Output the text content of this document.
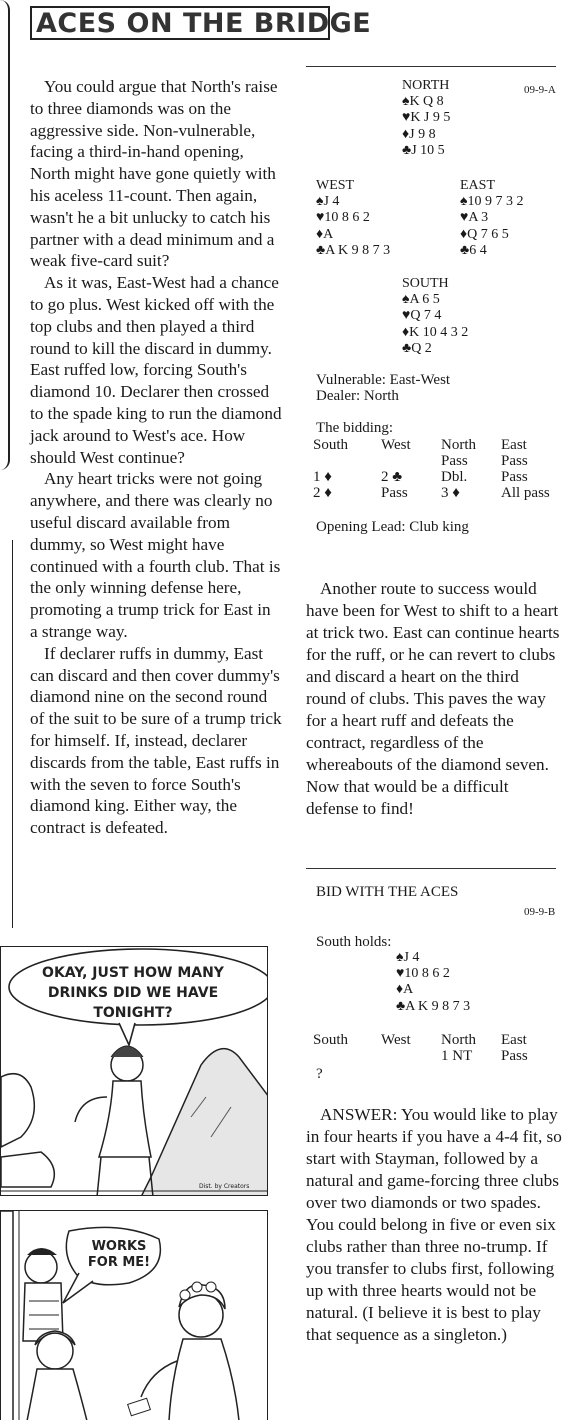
ACES ON THE BRIDGE

You could argue that North's raise to three diamonds was on the aggressive side. Non-vulnerable, facing a third-in-hand opening, North might have gone quietly with his aceless 11-count. Then again, wasn't he a bit unlucky to catch his partner with a dead minimum and a weak five-card suit?

As it was, East-West had a chance to go plus. West kicked off with the top clubs and then played a third round to kill the discard in dummy. East ruffed low, forcing South's diamond 10. Declarer then crossed to the spade king to run the diamond jack around to West's ace. How should West continue?

Any heart tricks were not going anywhere, and there was clearly no useful discard available from dummy, so West might have continued with a fourth club. That is the only winning defense here, promoting a trump trick for East in a strange way.

If declarer ruffs in dummy, East can discard and then cover dummy's diamond nine on the second round of the suit to be sure of a trump trick for himself. If, instead, declarer discards from the table, East ruffs in with the seven to force South's diamond king. Either way, the contract is defeated.

NORTH
♠K Q 8
♥K J 9 5
♦J 9 8
♣J 10 5
09-9-A
WEST
♠J 4
♥10 8 6 2
♦A
♣A K 9 8 7 3
EAST
♠10 9 7 3 2
♥A 3
♦Q 7 6 5
♣6 4
SOUTH
♠A 6 5
♥Q 7 4
♦K 10 4 3 2
♣Q 2
Vulnerable: East-West
Dealer: North
The bidding:
South	West	North	East
		Pass	Pass
1 ♦	2 ♣	Dbl.	Pass
2 ♦	Pass	3 ♦	All pass
Opening Lead: Club king

Another route to success would have been for West to shift to a heart at trick two. East can continue hearts for the ruff, or he can revert to clubs and discard a heart on the third round of clubs. This paves the way for a heart ruff and defeats the contract, regardless of the whereabouts of the diamond seven. Now that would be a difficult defense to find!

BID WITH THE ACES
09-9-B
South holds:
♠J 4
♥10 8 6 2
♦A
♣A K 9 8 7 3
South	West	North	East
		1 NT	Pass
?

ANSWER: You would like to play in four hearts if you have a 4-4 fit, so start with Stayman, followed by a natural and game-forcing three clubs over two diamonds or two spades. You could belong in five or even six clubs rather than three no-trump. If you transfer to clubs first, following up with three hearts would not be natural. (I believe it is best to play that sequence as a singleton.)

OKAY, JUST HOW MANY DRINKS DID WE HAVE TONIGHT?
Dist. by Creators
WORKS FOR ME!
